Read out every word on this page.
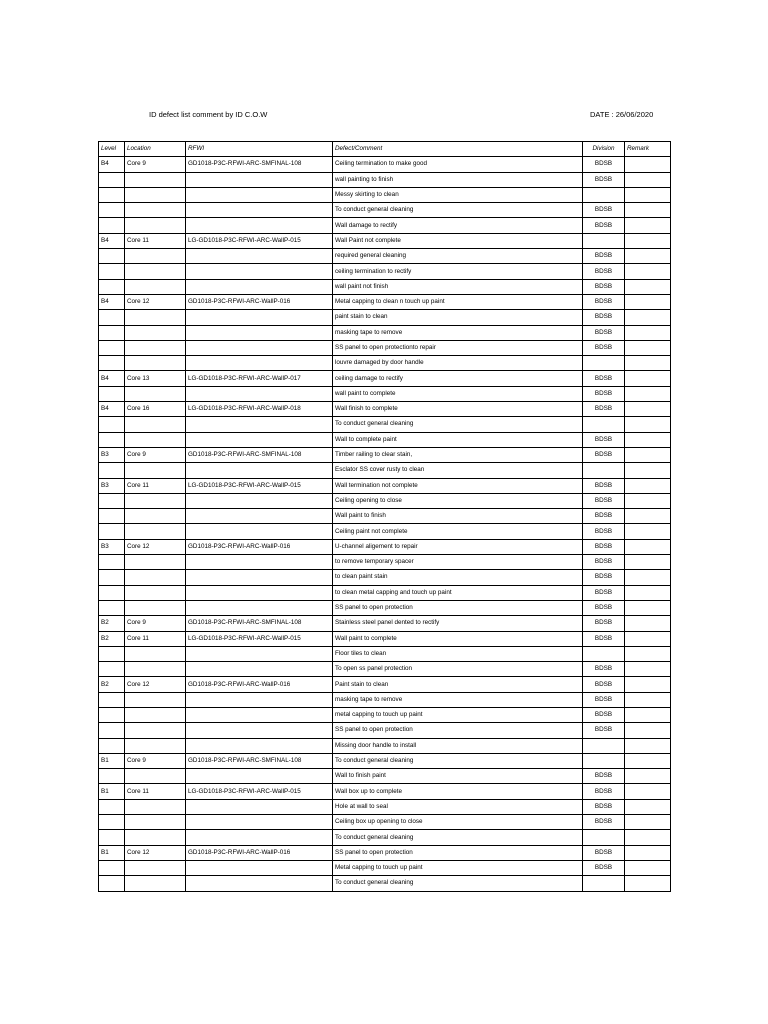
ID defect list comment by ID C.O.W	DATE : 26/06/2020
Level	Location	RFWI	Defect/Comment	Division	Remark
B4	Core 9	GD1018-P3C-RFWI-ARC-SMFINAL-108	Ceiling termination to make good	BDSB	
			wall painting to finish	BDSB	
			Messy skirting to clean		
			To conduct general cleaning	BDSB	
			Wall damage to rectify	BDSB	
B4	Core 11	LG-GD1018-P3C-RFWI-ARC-WallP-015	Wall Paint not complete		
			required general cleaning	BDSB	
			ceiling termination to rectify	BDSB	
			wall paint not finish	BDSB	
B4	Core 12	GD1018-P3C-RFWI-ARC-WallP-016	Metal capping to clean n touch up paint	BDSB	
			paint stain to clean	BDSB	
			masking tape to remove	BDSB	
			SS panel to open protectionto repair	BDSB	
			louvre damaged by door handle		
B4	Core 13	LG-GD1018-P3C-RFWI-ARC-WallP-017	ceiling damage to rectify	BDSB	
			wall paint to complete	BDSB	
B4	Core 16	LG-GD1018-P3C-RFWI-ARC-WallP-018	Wall finish to complete	BDSB	
			To conduct general cleaning		
			Wall to complete paint	BDSB	
B3	Core 9	GD1018-P3C-RFWI-ARC-SMFINAL-108	Timber railing to clear stain,	BDSB	
			Esclator SS cover rusty to clean		
B3	Core 11	LG-GD1018-P3C-RFWI-ARC-WallP-015	Wall termination not complete	BDSB	
			Ceiling opening to close	BDSB	
			Wall paint to finish	BDSB	
			Ceiling paint not complete	BDSB	
B3	Core 12	GD1018-P3C-RFWI-ARC-WallP-016	U-channel aligement to repair	BDSB	
			to remove temporary spacer	BDSB	
			to clean paint stain	BDSB	
			to clean metal capping and touch up paint	BDSB	
			SS panel to open protection	BDSB	
B2	Core 9	GD1018-P3C-RFWI-ARC-SMFINAL-108	Stainless steel panel dented to rectify	BDSB	
B2	Core 11	LG-GD1018-P3C-RFWI-ARC-WallP-015	Wall paint to complete	BDSB	
			Floor tiles to clean		
			To open ss panel protection	BDSB	
B2	Core 12	GD1018-P3C-RFWI-ARC-WallP-016	Paint stain to clean	BDSB	
			masking tape to remove	BDSB	
			metal capping to touch up paint	BDSB	
			SS panel to open protection	BDSB	
			Missing door handle to install		
B1	Core 9	GD1018-P3C-RFWI-ARC-SMFINAL-108	To conduct general cleaning		
			Wall to finish paint	BDSB	
B1	Core 11	LG-GD1018-P3C-RFWI-ARC-WallP-015	Wall box up to complete	BDSB	
			Hole at wall to seal	BDSB	
			Ceiling box up opening to close	BDSB	
			To conduct general cleaning		
B1	Core 12	GD1018-P3C-RFWI-ARC-WallP-016	SS panel to open protection	BDSB	
			Metal capping to touch up paint	BDSB	
			To conduct general cleaning		
